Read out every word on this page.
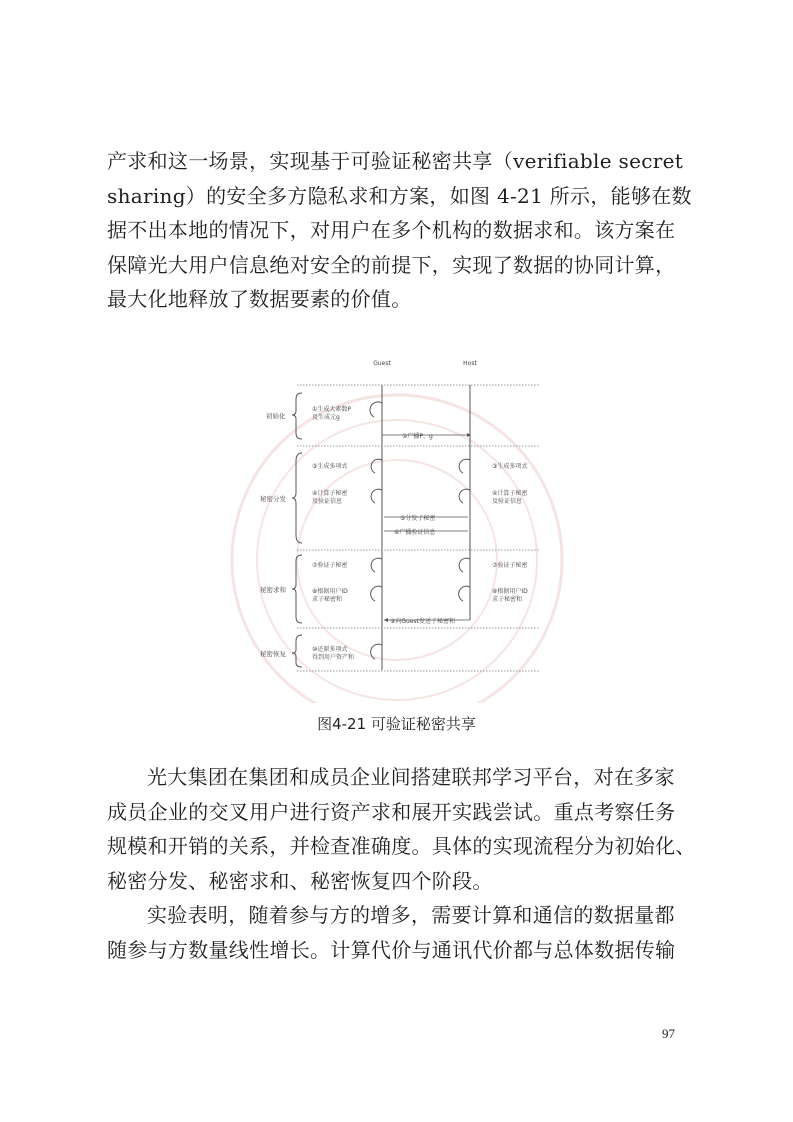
产求和这一场景，实现基于可验证秘密共享（verifiable secret
sharing）的安全多方隐私求和方案，如图 4-21 所示，能够在数
据不出本地的情况下，对用户在多个机构的数据求和。该方案在
保障光大用户信息绝对安全的前提下，实现了数据的协同计算，
最大化地释放了数据要素的价值。

Guest	Host
初始化
秘密分发
秘密求和
秘密恢复
①生成大素数P
及生成元g
②广播P、g
③生成多项式	③生成多项式
④计算子秘密
及验证信息
④计算子秘密
及验证信息
⑤分发子秘密
⑥广播验证信息
⑦验证子秘密	⑦验证子秘密
⑧根据用户ID
求子秘密和
⑧根据用户ID
求子秘密和
⑨向Guest发送子秘密和
⑩还原多项式
得到用户资产和
图4-21 可验证秘密共享

光大集团在集团和成员企业间搭建联邦学习平台，对在多家
成员企业的交叉用户进行资产求和展开实践尝试。重点考察任务
规模和开销的关系，并检查准确度。具体的实现流程分为初始化、
秘密分发、秘密求和、秘密恢复四个阶段。
实验表明，随着参与方的增多，需要计算和通信的数据量都
随参与方数量线性增长。计算代价与通讯代价都与总体数据传输

97
